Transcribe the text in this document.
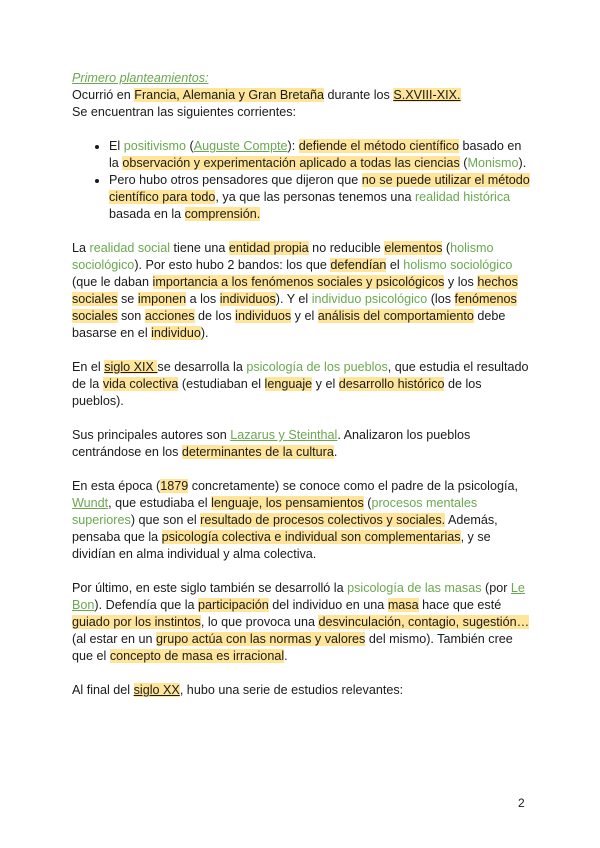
Primero planteamientos:

Ocurrió en Francia, Alemania y Gran Bretaña durante los S.XVIII-XIX.

Se encuentran las siguientes corrientes:

• El positivismo (Auguste Compte): defiende el método científico basado en la observación y experimentación aplicado a todas las ciencias (Monismo).
• Pero hubo otros pensadores que dijeron que no se puede utilizar el método científico para todo, ya que las personas tenemos una realidad histórica basada en la comprensión.

La realidad social tiene una entidad propia no reducible elementos (holismo sociológico). Por esto hubo 2 bandos: los que defendían el holismo sociológico (que le daban importancia a los fenómenos sociales y psicológicos y los hechos sociales se imponen a los individuos). Y el individuo psicológico (los fenómenos sociales son acciones de los individuos y el análisis del comportamiento debe basarse en el individuo).

En el siglo XIX se desarrolla la psicología de los pueblos, que estudia el resultado de la vida colectiva (estudiaban el lenguaje y el desarrollo histórico de los pueblos).

Sus principales autores son Lazarus y Steinthal. Analizaron los pueblos centrándose en los determinantes de la cultura.

En esta época (1879 concretamente) se conoce como el padre de la psicología, Wundt, que estudiaba el lenguaje, los pensamientos (procesos mentales superiores) que son el resultado de procesos colectivos y sociales. Además, pensaba que la psicología colectiva e individual son complementarias, y se dividían en alma individual y alma colectiva.

Por último, en este siglo también se desarrolló la psicología de las masas (por Le Bon). Defendía que la participación del individuo en una masa hace que esté guiado por los instintos, lo que provoca una desvinculación, contagio, sugestión… (al estar en un grupo actúa con las normas y valores del mismo). También cree que el concepto de masa es irracional.

Al final del siglo XX, hubo una serie de estudios relevantes:

2
